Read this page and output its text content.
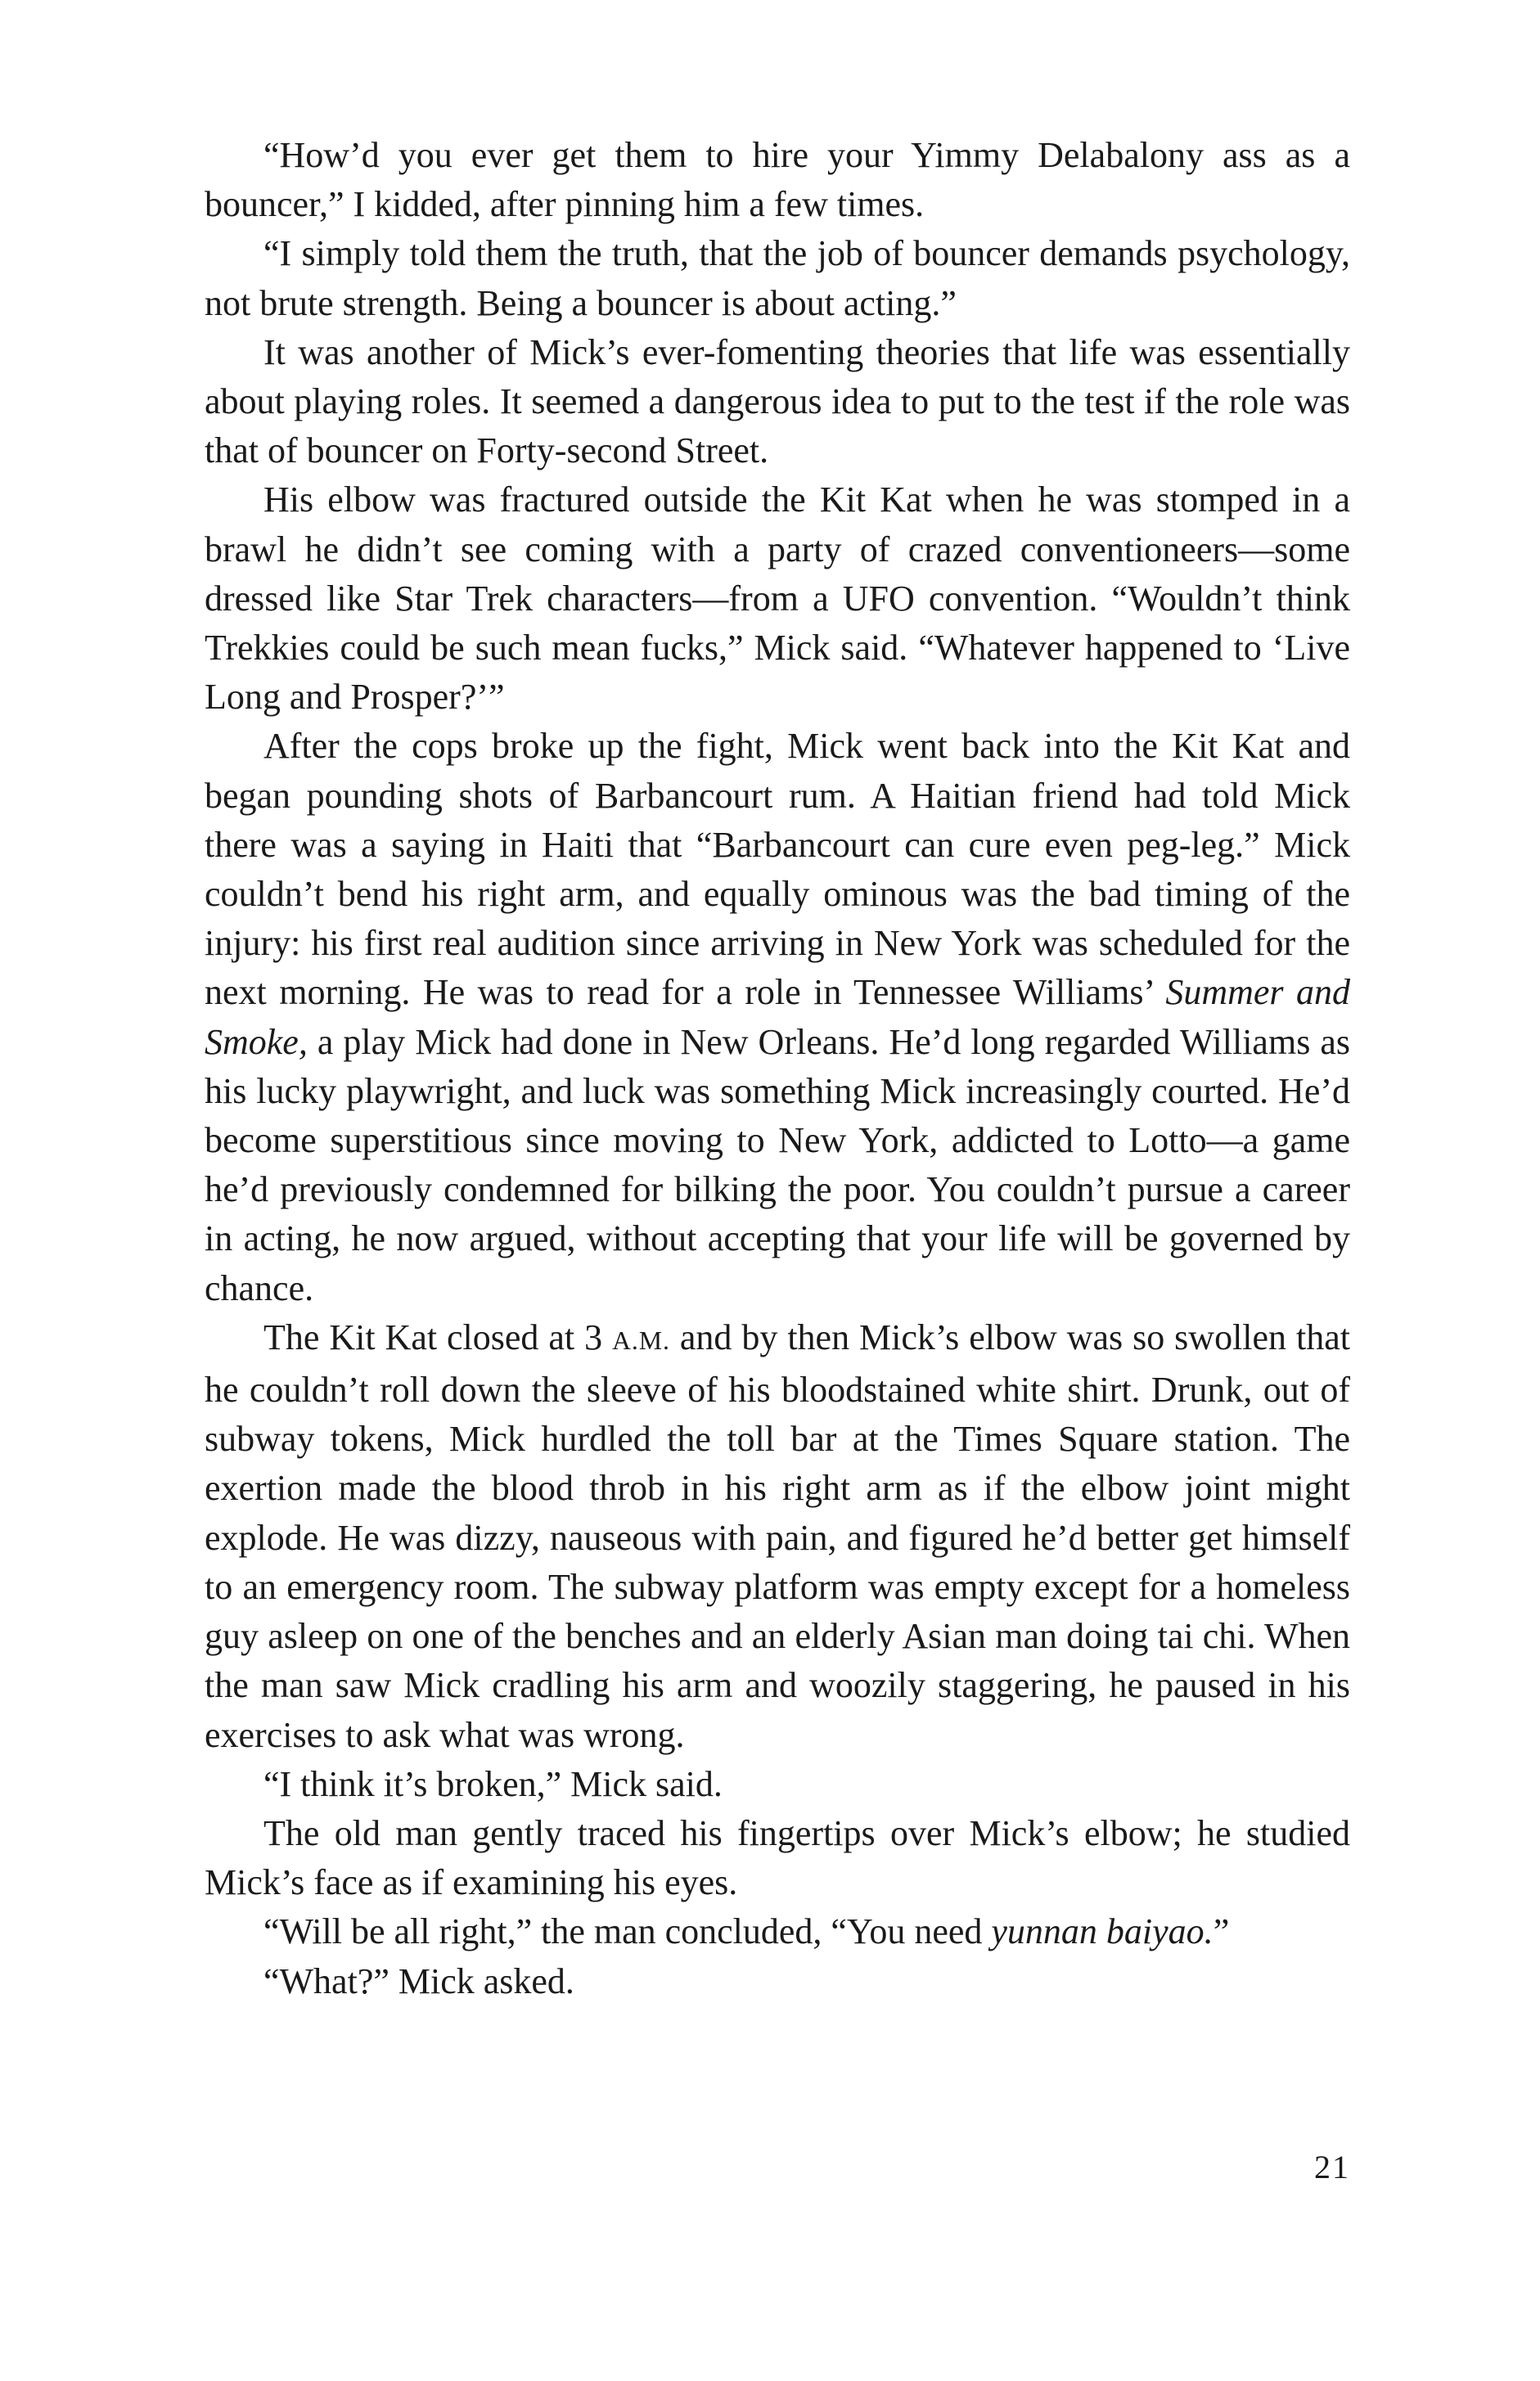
“How’d you ever get them to hire your Yimmy Delabalony ass as a bouncer,” I kidded, after pinning him a few times.

“I simply told them the truth, that the job of bouncer demands psychology, not brute strength. Being a bouncer is about acting.”

It was another of Mick’s ever-fomenting theories that life was essentially about playing roles. It seemed a dangerous idea to put to the test if the role was that of bouncer on Forty-second Street.

His elbow was fractured outside the Kit Kat when he was stomped in a brawl he didn’t see coming with a party of crazed conventioneers—some dressed like Star Trek characters—from a UFO convention. “Wouldn’t think Trekkies could be such mean fucks,” Mick said. “Whatever happened to ‘Live Long and Prosper?’”

After the cops broke up the fight, Mick went back into the Kit Kat and began pounding shots of Barbancourt rum. A Haitian friend had told Mick there was a saying in Haiti that “Barbancourt can cure even peg-leg.” Mick couldn’t bend his right arm, and equally ominous was the bad timing of the injury: his first real audition since arriving in New York was scheduled for the next morning. He was to read for a role in Tennessee Williams’ Summer and Smoke, a play Mick had done in New Orleans. He’d long regarded Williams as his lucky playwright, and luck was something Mick increasingly courted. He’d become superstitious since moving to New York, addicted to Lotto—a game he’d previously condemned for bilking the poor. You couldn’t pursue a career in acting, he now argued, without accepting that your life will be governed by chance.

The Kit Kat closed at 3 A.M. and by then Mick’s elbow was so swollen that he couldn’t roll down the sleeve of his bloodstained white shirt. Drunk, out of subway tokens, Mick hurdled the toll bar at the Times Square station. The exertion made the blood throb in his right arm as if the elbow joint might explode. He was dizzy, nauseous with pain, and figured he’d better get himself to an emergency room. The subway platform was empty except for a homeless guy asleep on one of the benches and an elderly Asian man doing tai chi. When the man saw Mick cradling his arm and woozily staggering, he paused in his exercises to ask what was wrong.

“I think it’s broken,” Mick said.

The old man gently traced his fingertips over Mick’s elbow; he studied Mick’s face as if examining his eyes.

“Will be all right,” the man concluded, “You need yunnan baiyao.”

“What?” Mick asked.

21
